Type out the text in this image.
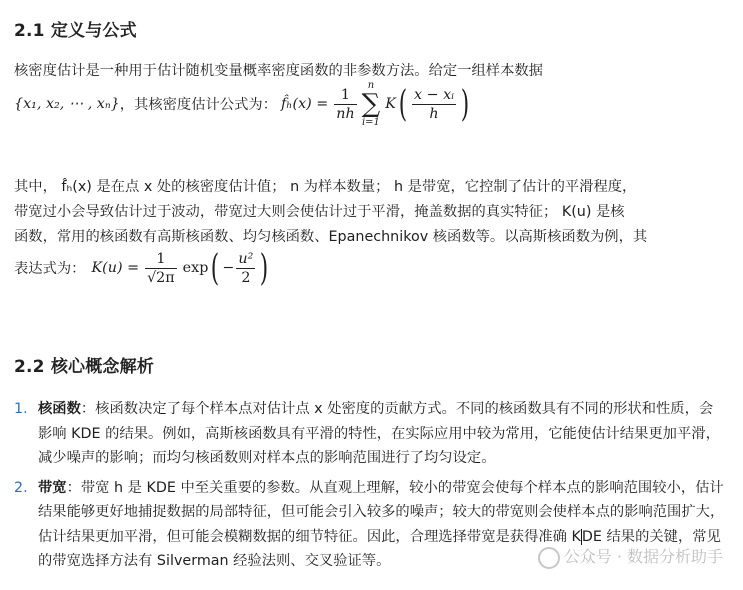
2.1 定义与公式
核密度估计是一种用于估计随机变量概率密度函数的非参数方法。给定一组样本数据
{x₁, x₂, ⋯ , xₙ} ，其核密度估计公式为： f̂ₕ(x) = $\frac{1}{nh}$	n
∑
i=1
K ( $\frac{\text{x − xᵢ}}{h}$ )
其中， f̂ₕ(x) 是在点 x 处的核密度估计值； n 为样本数量； h 是带宽，它控制了估计的平滑程度，
带宽过小会导致估计过于波动，带宽过大则会使估计过于平滑，掩盖数据的真实特征； K(u) 是核
函数，常用的核函数有高斯核函数、均匀核函数、Epanechnikov 核函数等。以高斯核函数为例，其
表达式为： $K(u) = \frac{1}{√2\pi}$ exp ( − $\frac{\text{u²}}{2}$ )
2.2 核心概念解析
1. 核函数：核函数决定了每个样本点对估计点 x 处密度的贡献方式。不同的核函数具有不同的形状和性质，会影响 KDE 的结果。例如，高斯核函数具有平滑的特性，在实际应用中较为常用，它能使估计结果更加平滑，减少噪声的影响；而均匀核函数则对样本点的影响范围进行了均匀设定。
2. 带宽：带宽 h 是 KDE 中至关重要的参数。从直观上理解，较小的带宽会使每个样本点的影响范围较小，估计结果能够更好地捕捉数据的局部特征，但可能会引入较多的噪声；较大的带宽则会使样本点的影响范围扩大，估计结果更加平滑，但可能会模糊数据的细节特征。因此，合理选择带宽是获得准确 KDE 结果的关键，常见的带宽选择方法有 Silverman 经验法则、交叉验证等。	公众号 · 数据分析助手
